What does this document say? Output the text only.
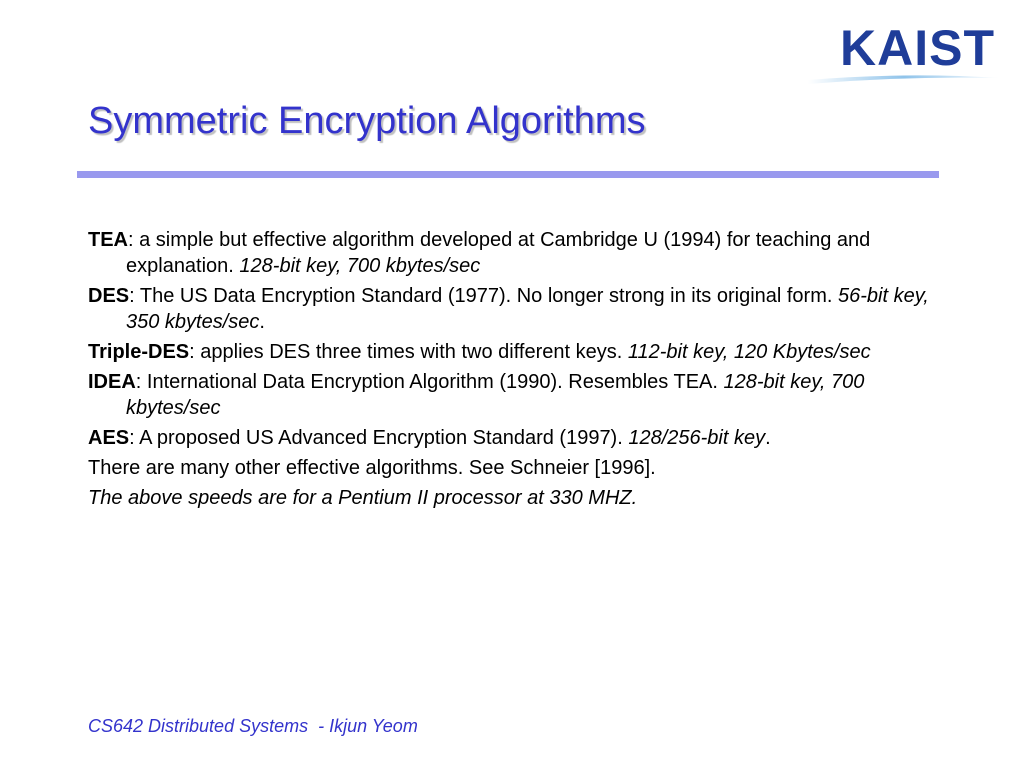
KAIST
Symmetric Encryption Algorithms
TEA: a simple but effective algorithm developed at Cambridge U (1994) for teaching and explanation. 128-bit key, 700 kbytes/sec
DES: The US Data Encryption Standard (1977). No longer strong in its original form. 56-bit key, 350 kbytes/sec.
Triple-DES: applies DES three times with two different keys. 112-bit key, 120 Kbytes/sec
IDEA: International Data Encryption Algorithm (1990). Resembles TEA. 128-bit key, 700 kbytes/sec
AES: A proposed US Advanced Encryption Standard (1997). 128/256-bit key.
There are many other effective algorithms. See Schneier [1996].
The above speeds are for a Pentium II processor at 330 MHZ.
CS642 Distributed Systems  - Ikjun Yeom
